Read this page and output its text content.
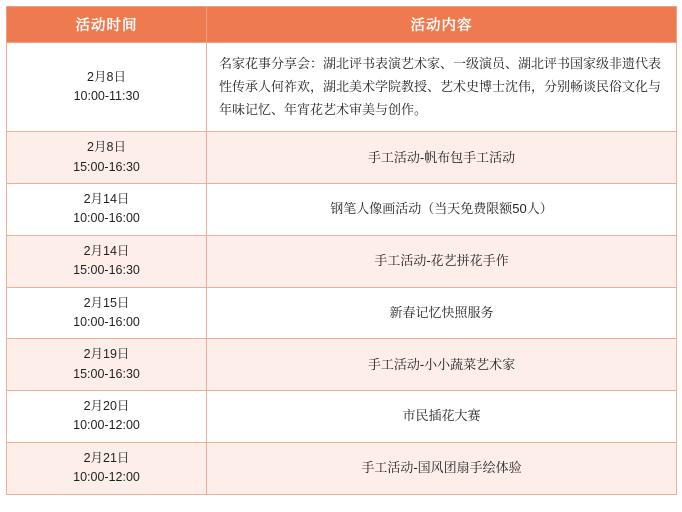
活动时间	活动内容

2月8日
10:00-11:30	名家花事分享会：湖北评书表演艺术家、一级演员、湖北评书国家级非遗代表性传承人何祚欢，湖北美术学院教授、艺术史博士沈伟，分别畅谈民俗文化与年味记忆、年宵花艺术审美与创作。

2月8日
15:00-16:30	手工活动-帆布包手工活动

2月14日
10:00-16:00	钢笔人像画活动（当天免费限额50人）

2月14日
15:00-16:30	手工活动-花艺拼花手作

2月15日
10:00-16:00	新春记忆快照服务

2月19日
15:00-16:30	手工活动-小小蔬菜艺术家

2月20日
10:00-12:00	市民插花大赛

2月21日
10:00-12:00	手工活动-国风团扇手绘体验
